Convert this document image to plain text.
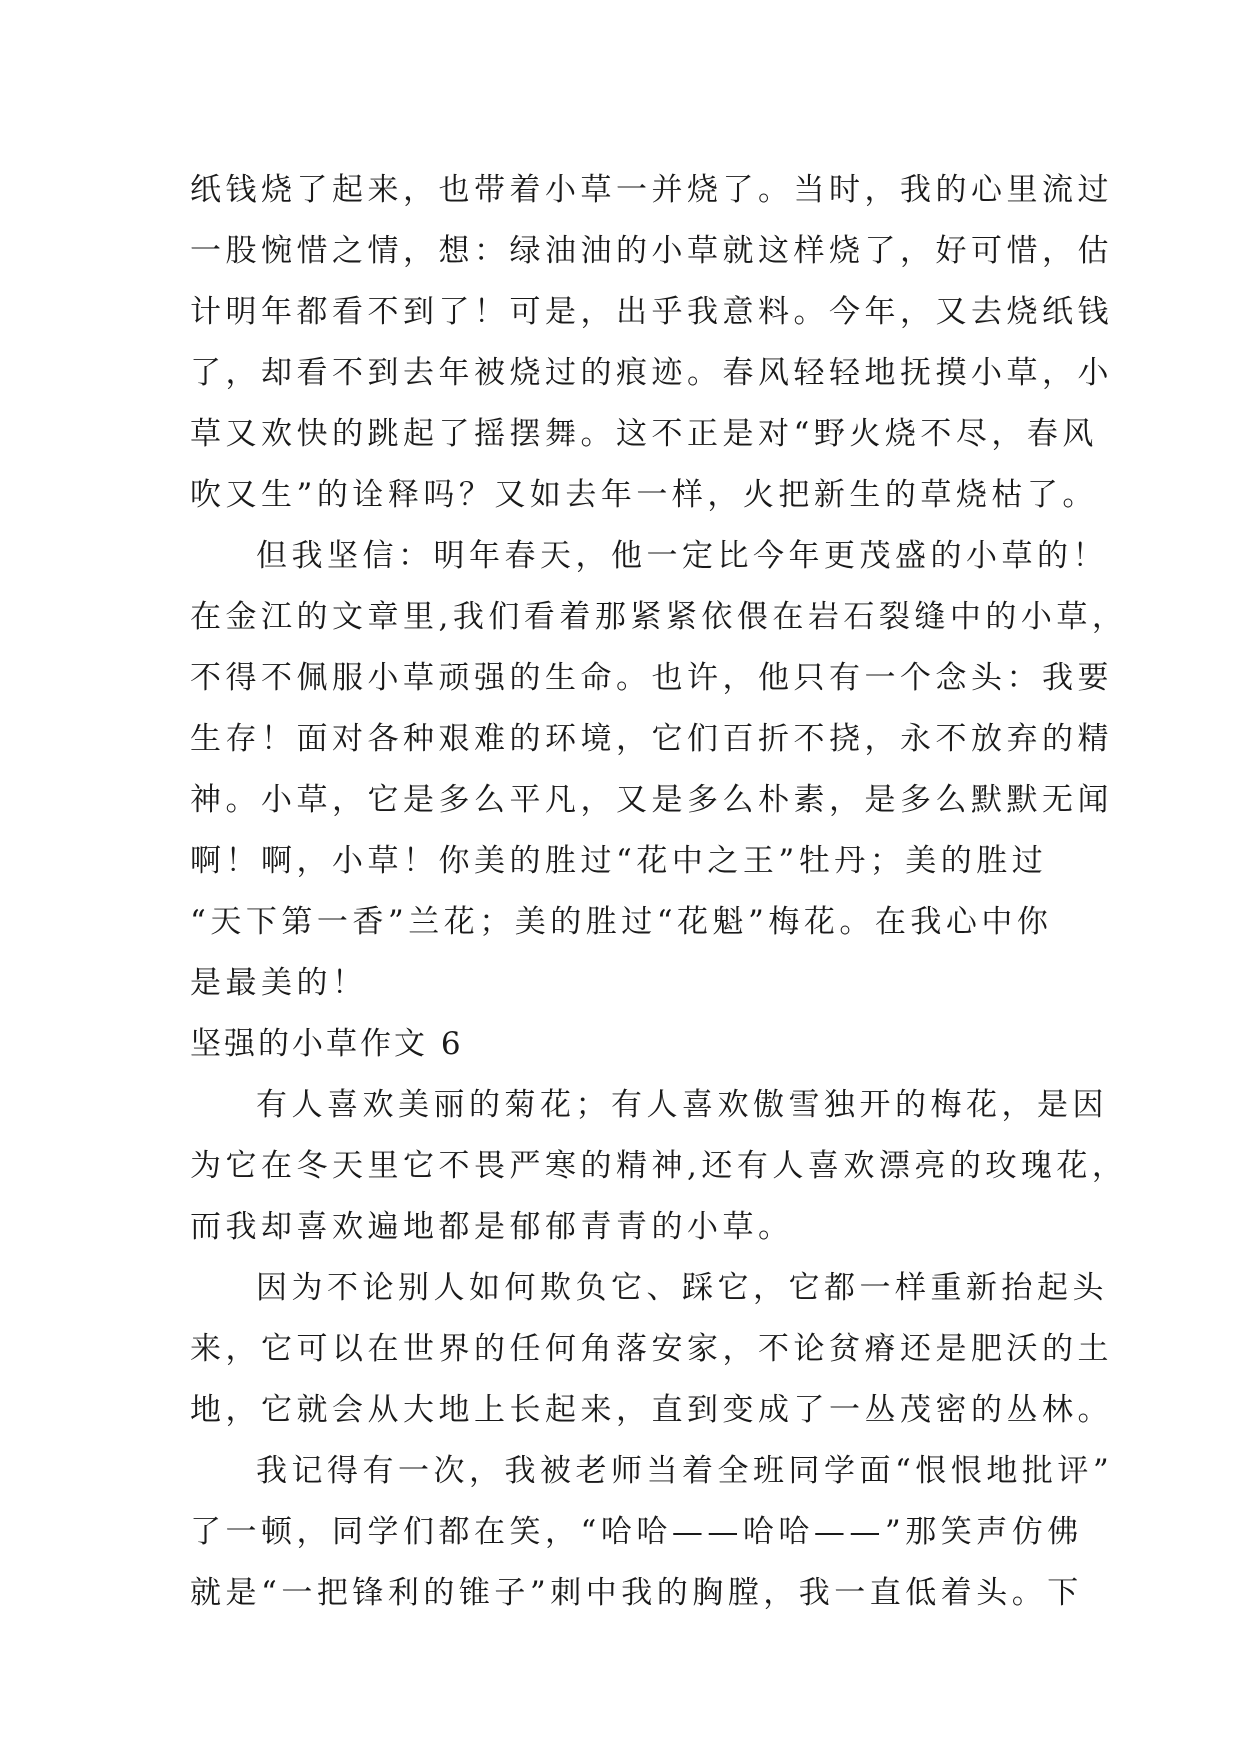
纸钱烧了起来，也带着小草一并烧了。当时，我的心里流过
一股惋惜之情，想：绿油油的小草就这样烧了，好可惜，估
计明年都看不到了！可是，出乎我意料。今年，又去烧纸钱
了，却看不到去年被烧过的痕迹。春风轻轻地抚摸小草，小
草又欢快的跳起了摇摆舞。这不正是对“野火烧不尽，春风
吹又生”的诠释吗？又如去年一样，火把新生的草烧枯了。
但我坚信：明年春天，他一定比今年更茂盛的小草的！
在金江的文章里,我们看着那紧紧依偎在岩石裂缝中的小草，
不得不佩服小草顽强的生命。也许，他只有一个念头：我要
生存！面对各种艰难的环境，它们百折不挠，永不放弃的精
神。小草，它是多么平凡，又是多么朴素，是多么默默无闻
啊！啊，小草！你美的胜过“花中之王”牡丹；美的胜过
“天下第一香”兰花；美的胜过“花魁”梅花。在我心中你
是最美的！
坚强的小草作文 6
有人喜欢美丽的菊花；有人喜欢傲雪独开的梅花，是因
为它在冬天里它不畏严寒的精神,还有人喜欢漂亮的玫瑰花，
而我却喜欢遍地都是郁郁青青的小草。
因为不论别人如何欺负它、踩它，它都一样重新抬起头
来，它可以在世界的任何角落安家，不论贫瘠还是肥沃的土
地，它就会从大地上长起来，直到变成了一丛茂密的丛林。
我记得有一次，我被老师当着全班同学面“恨恨地批评”
了一顿，同学们都在笑，“哈哈——哈哈——”那笑声仿佛
就是“一把锋利的锥子”刺中我的胸膛，我一直低着头。下
